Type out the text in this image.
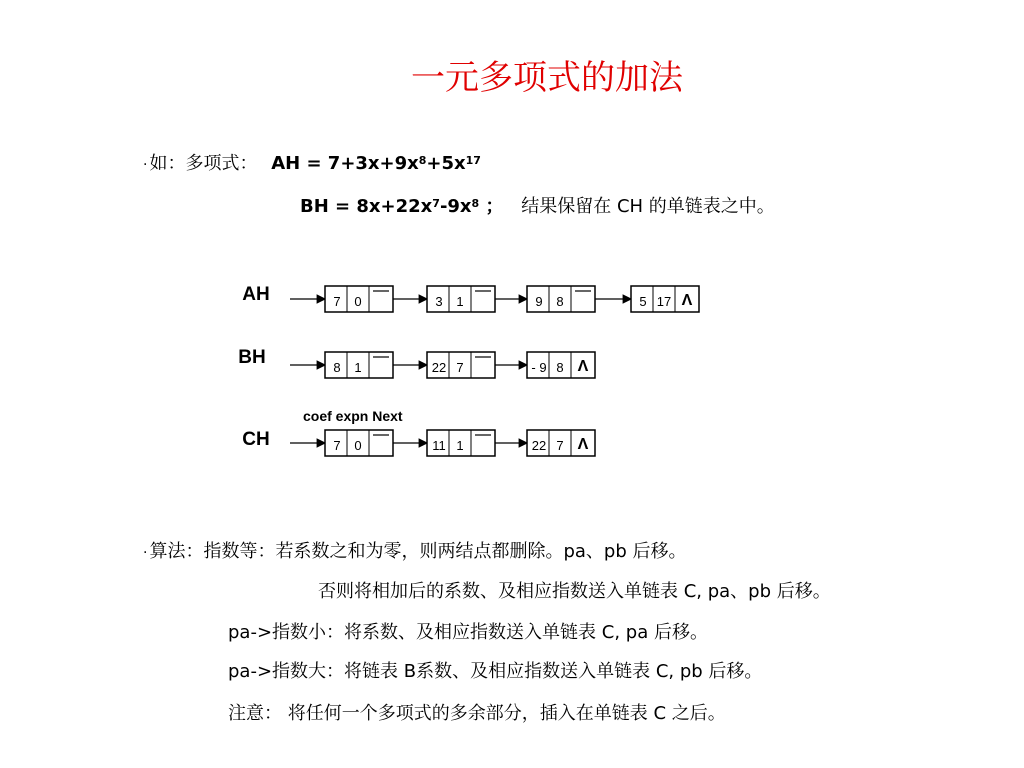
一元多项式的加法
· 如：多项式： AH = $7+3x+9x^8+5x^{17}$
BH = $8x+22x^7-9x^8$ ； 结果保留在 CH 的单链表之中。
AH
BH
CH
coef expn Next
7 0	3 1	9 8	5 17 Λ
8 1	22 7	- 9 8 Λ
7 0	11 1	22 7 Λ
· 算法：指数等：若系数之和为零，则两结点都删除。pa、pb 后移。
否则将相加后的系数、及相应指数送入单链表 C, pa、pb 后移。
pa->指数小：将系数、及相应指数送入单链表 C, pa 后移。
pa->指数大：将链表 B系数、及相应指数送入单链表 C, pb 后移。
注意： 将任何一个多项式的多余部分，插入在单链表 C 之后。
